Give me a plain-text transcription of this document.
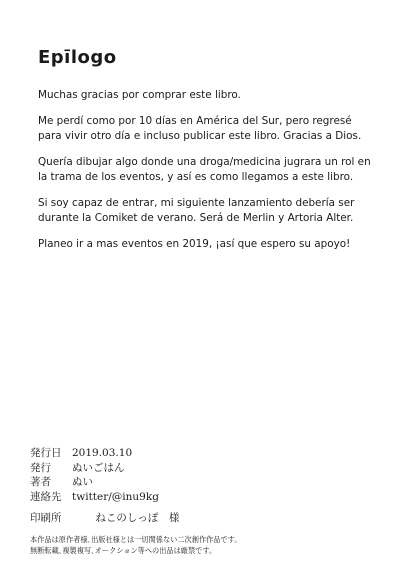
Epīlogo

Muchas gracias por comprar este libro.

Me perdí como por 10 días en América del Sur, pero regresé para vivir otro día e incluso publicar este libro. Gracias a Dios.

Quería dibujar algo donde una droga/medicina jugrara un rol en la trama de los eventos, y así es como llegamos a este libro.

Si soy capaz de entrar, mi siguiente lanzamiento debería ser durante la Comiket de verano. Será de Merlin y Artoria Alter.

Planeo ir a mas eventos en 2019, ¡así que espero su apoyo!

発行日	2019.03.10
発行	ぬいごはん
著者	ぬい
連絡先	twitter/@inu9kg
印刷所	ねこのしっぽ　様
本作品は原作者様､出版社様とは一切関係ない二次創作作品です。
無断転載､複製複写､オークション等への出品は厳禁です。
